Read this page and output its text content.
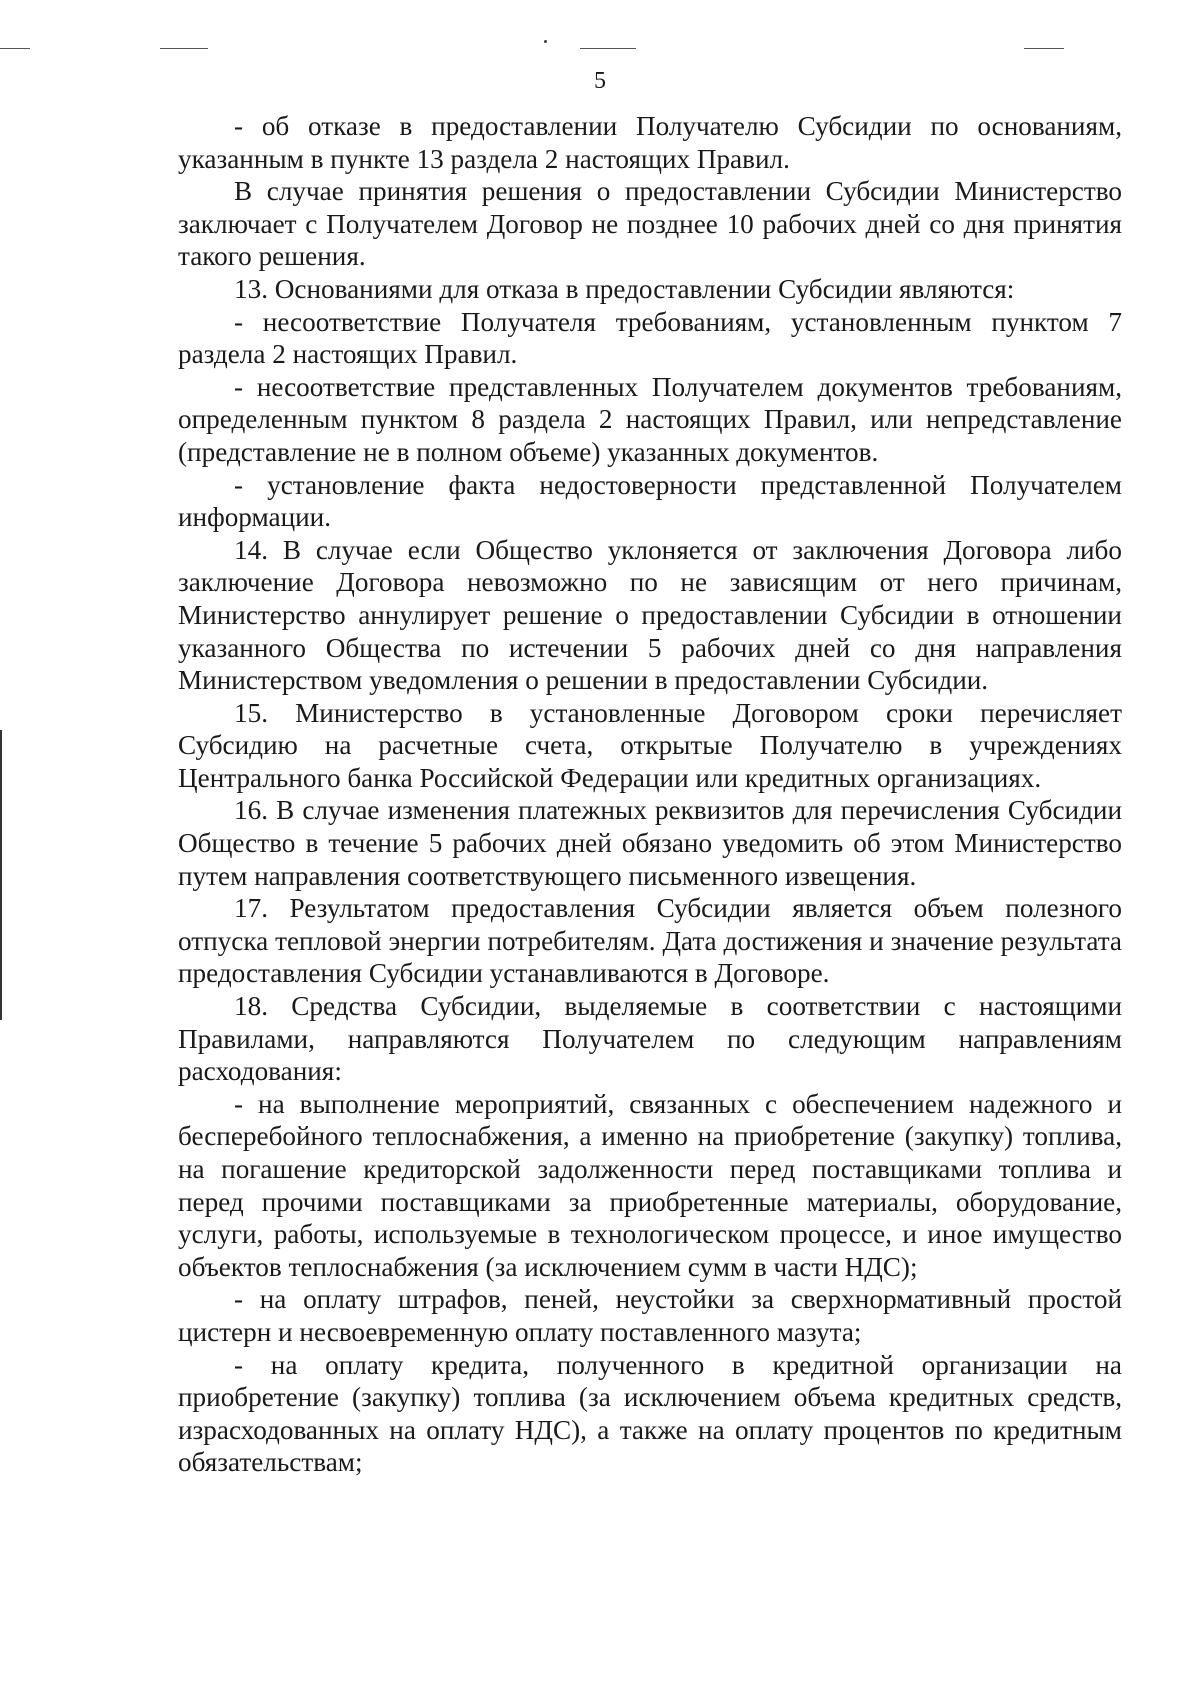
5

- об отказе в предоставлении Получателю Субсидии по основаниям, указанным в пункте 13 раздела 2 настоящих Правил.

В случае принятия решения о предоставлении Субсидии Министерство заключает с Получателем Договор не позднее 10 рабочих дней со дня принятия такого решения.

13. Основаниями для отказа в предоставлении Субсидии являются:

- несоответствие Получателя требованиям, установленным пунктом 7 раздела 2 настоящих Правил.

- несоответствие представленных Получателем документов требованиям, определенным пунктом 8 раздела 2 настоящих Правил, или непредставление (представление не в полном объеме) указанных документов.

- установление факта недостоверности представленной Получателем информации.

14. В случае если Общество уклоняется от заключения Договора либо заключение Договора невозможно по не зависящим от него причинам, Министерство аннулирует решение о предоставлении Субсидии в отношении указанного Общества по истечении 5 рабочих дней со дня направления Министерством уведомления о решении в предоставлении Субсидии.

15. Министерство в установленные Договором сроки перечисляет Субсидию на расчетные счета, открытые Получателю в учреждениях Центрального банка Российской Федерации или кредитных организациях.

16. В случае изменения платежных реквизитов для перечисления Субсидии Общество в течение 5 рабочих дней обязано уведомить об этом Министерство путем направления соответствующего письменного извещения.

17. Результатом предоставления Субсидии является объем полезного отпуска тепловой энергии потребителям. Дата достижения и значение результата предоставления Субсидии устанавливаются в Договоре.

18. Средства Субсидии, выделяемые в соответствии с настоящими Правилами, направляются Получателем по следующим направлениям расходования:

- на выполнение мероприятий, связанных с обеспечением надежного и бесперебойного теплоснабжения, а именно на приобретение (закупку) топлива, на погашение кредиторской задолженности перед поставщиками топлива и перед прочими поставщиками за приобретенные материалы, оборудование, услуги, работы, используемые в технологическом процессе, и иное имущество объектов теплоснабжения (за исключением сумм в части НДС);

- на оплату штрафов, пеней, неустойки за сверхнормативный простой цистерн и несвоевременную оплату поставленного мазута;

- на оплату кредита, полученного в кредитной организации на приобретение (закупку) топлива (за исключением объема кредитных средств, израсходованных на оплату НДС), а также на оплату процентов по кредитным обязательствам;
